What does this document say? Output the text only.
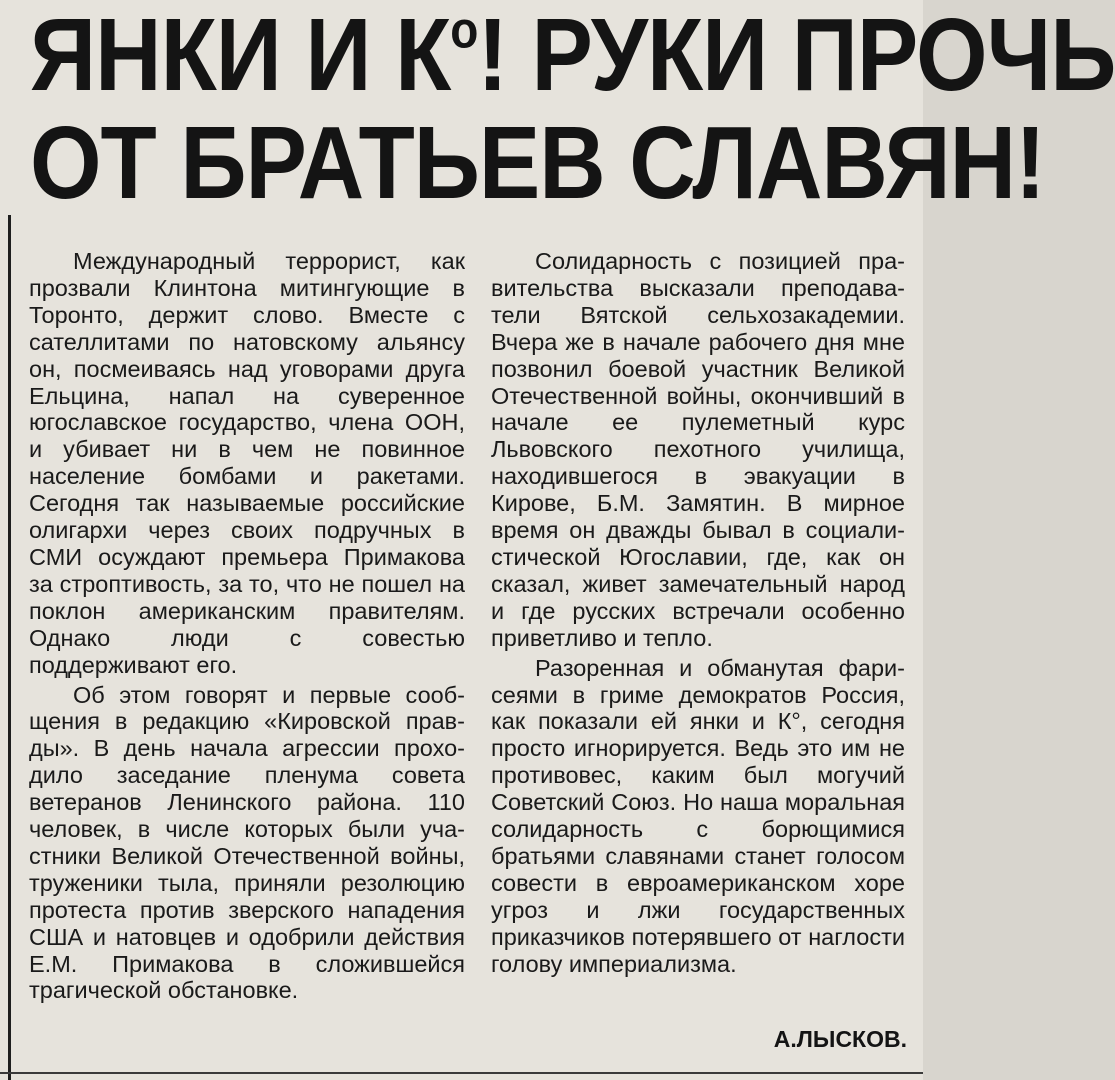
ЯНКИ И $К^о$! РУКИ ПРОЧЬ
ОТ БРАТЬЕВ СЛАВЯН!

Международный террорист, как прозвали Клинтона митингующие в Торонто, держит слово. Вместе с сателлитами по натовскому альянсу он, посмеиваясь над уговорами друга Ельцина, напал на суверенное югославское государство, члена ООН, и убивает ни в чем не повинное население бомбами и ракетами. Сегодня так называемые российские олигархи через своих подручных в СМИ осуждают премьера Примакова за строптивость, за то, что не пошел на поклон американским правителям. Однако люди с совестью поддерживают его.

Об этом говорят и первые сообщения в редакцию «Кировской правды». В день начала агрессии проходило заседание пленума совета ветеранов Ленинского района. 110 человек, в числе которых были участники Великой Отечественной войны, труженики тыла, приняли резолюцию протеста против зверского нападения США и натовцев и одобрили действия Е.М. Примакова в сложившейся трагической обстановке.

Солидарность с позицией правительства высказали преподаватели Вятской сельхозакадемии. Вчера же в начале рабочего дня мне позвонил боевой участник Великой Отечественной войны, окончивший в начале ее пулеметный курс Львовского пехотного училища, находившегося в эвакуации в Кирове, Б.М. Замятин. В мирное время он дважды бывал в социалистической Югославии, где, как он сказал, живет замечательный народ и где русских встречали особенно приветливо и тепло.

Разоренная и обманутая фарисеями в гриме демократов Россия, как показали ей янки и К°, сегодня просто игнорируется. Ведь это им не противовес, каким был могучий Советский Союз. Но наша моральная солидарность с борющимися братьями славянами станет голосом совести в евроамериканском хоре угроз и лжи государственных приказчиков потерявшего от наглости голову империализма.

А.ЛЫСКОВ.
